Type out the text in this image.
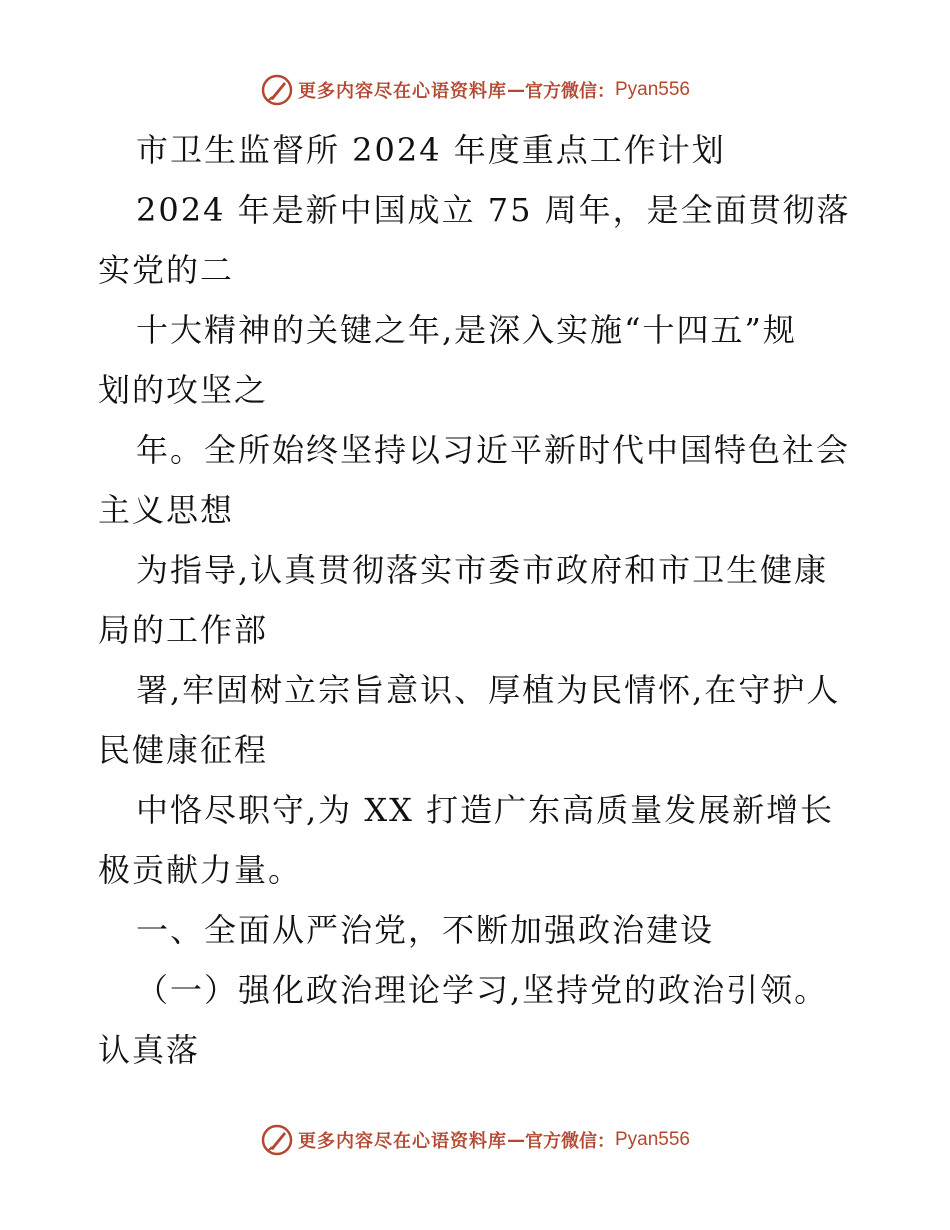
更多内容尽在心语资料库 — 官方微信： Pyan556
市卫生监督所 2024 年度重点工作计划
2024 年是新中国成立 75 周年，是全面贯彻落
实党的二
十大精神的关键之年,是深入实施“十四五”规
划的攻坚之
年。全所始终坚持以习近平新时代中国特色社会
主义思想
为指导,认真贯彻落实市委市政府和市卫生健康
局的工作部
署,牢固树立宗旨意识、厚植为民情怀,在守护人
民健康征程
中恪尽职守,为 XX 打造广东高质量发展新增长
极贡献力量。
一、全面从严治党，不断加强政治建设
（一）强化政治理论学习,坚持党的政治引领。
认真落
更多内容尽在心语资料库 — 官方微信： Pyan556
